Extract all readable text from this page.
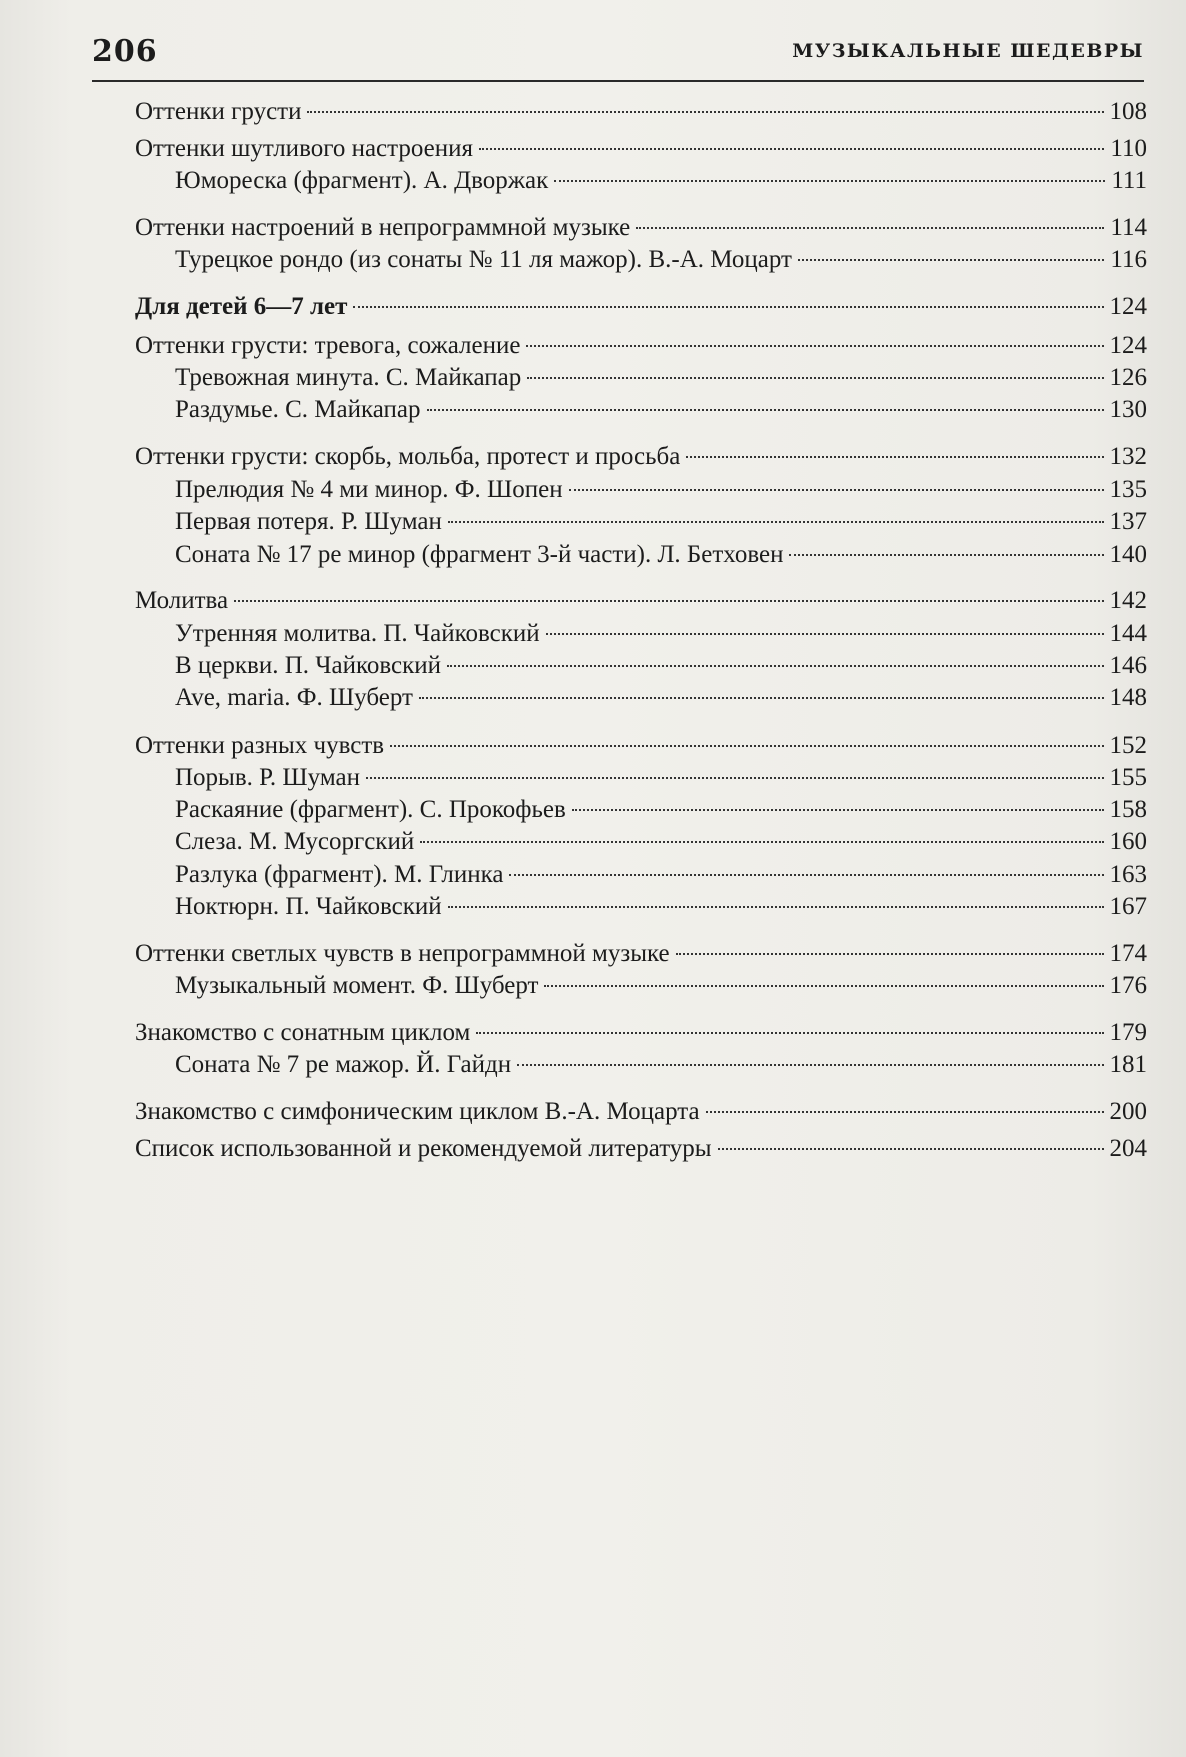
206	МУЗЫКАЛЬНЫЕ ШЕДЕВРЫ
Оттенки грусти	108
Оттенки шутливого настроения	110
Юмореска (фрагмент). А. Дворжак	111
Оттенки настроений в непрограммной музыке	114
Турецкое рондо (из сонаты № 11 ля мажор). В.-А. Моцарт	116
Для детей 6—7 лет	124
Оттенки грусти: тревога, сожаление	124
Тревожная минута. С. Майкапар	126
Раздумье. С. Майкапар	130
Оттенки грусти: скорбь, мольба, протест и просьба	132
Прелюдия № 4 ми минор. Ф. Шопен	135
Первая потеря. Р. Шуман	137
Соната № 17 ре минор (фрагмент 3-й части). Л. Бетховен	140
Молитва	142
Утренняя молитва. П. Чайковский	144
В церкви. П. Чайковский	146
Ave, maria. Ф. Шуберт	148
Оттенки разных чувств	152
Порыв. Р. Шуман	155
Раскаяние (фрагмент). С. Прокофьев	158
Слеза. М. Мусоргский	160
Разлука (фрагмент). М. Глинка	163
Ноктюрн. П. Чайковский	167
Оттенки светлых чувств в непрограммной музыке	174
Музыкальный момент. Ф. Шуберт	176
Знакомство с сонатным циклом	179
Соната № 7 ре мажор. Й. Гайдн	181
Знакомство с симфоническим циклом В.-А. Моцарта	200
Список использованной и рекомендуемой литературы	204
